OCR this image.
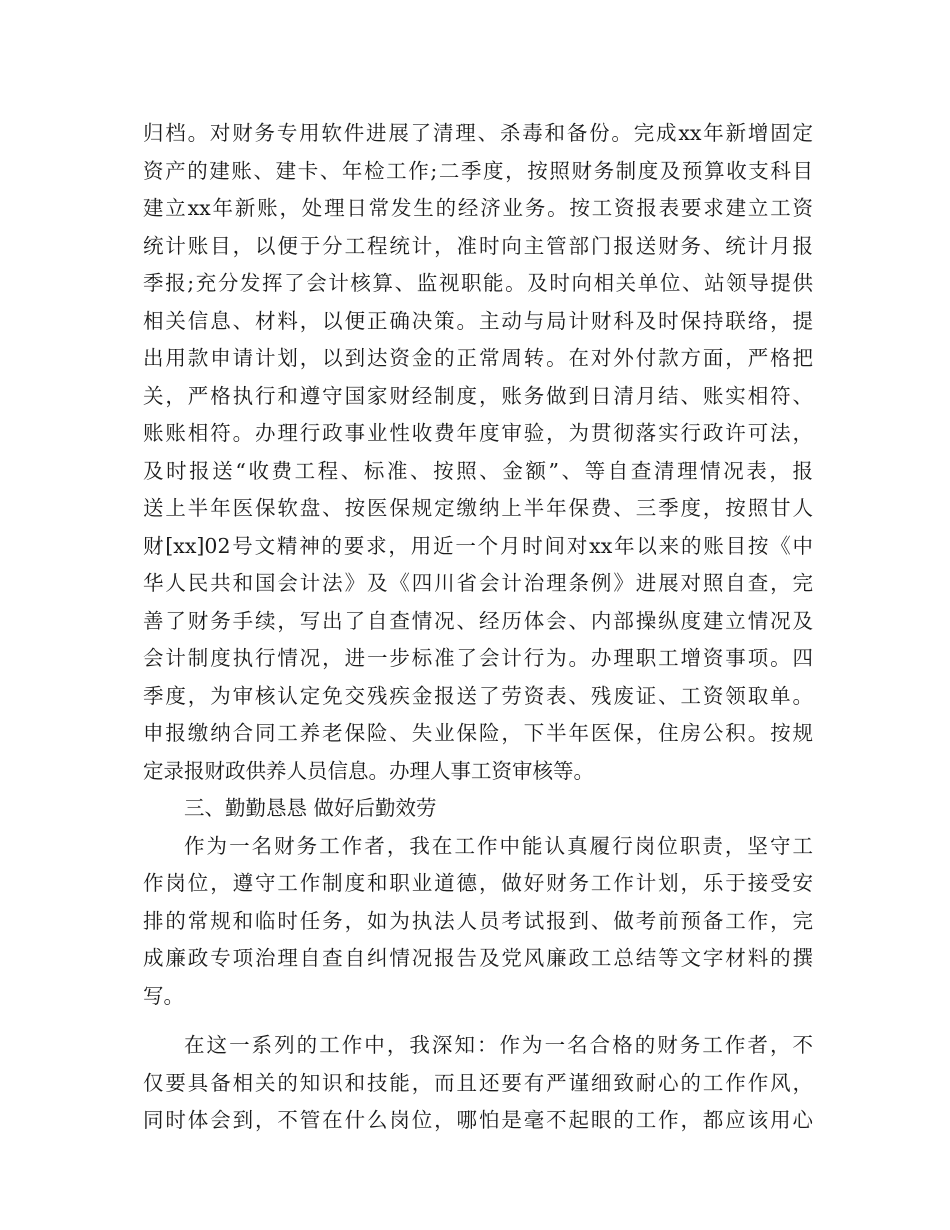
归档。对财务专用软件进展了清理、杀毒和备份。完成xx年新增固定
资产的建账、建卡、年检工作;二季度，按照财务制度及预算收支科目
建立xx年新账，处理日常发生的经济业务。按工资报表要求建立工资
统计账目，以便于分工程统计，准时向主管部门报送财务、统计月报
季报;充分发挥了会计核算、监视职能。及时向相关单位、站领导提供
相关信息、材料，以便正确决策。主动与局计财科及时保持联络，提
出用款申请计划，以到达资金的正常周转。在对外付款方面，严格把
关，严格执行和遵守国家财经制度，账务做到日清月结、账实相符、
账账相符。办理行政事业性收费年度审验，为贯彻落实行政许可法，
及时报送“收费工程、标准、按照、金额”、等自查清理情况表，报
送上半年医保软盘、按医保规定缴纳上半年保费、三季度，按照甘人
财[xx]02号文精神的要求，用近一个月时间对xx年以来的账目按《中
华人民共和国会计法》及《四川省会计治理条例》进展对照自查，完
善了财务手续，写出了自查情况、经历体会、内部操纵度建立情况及
会计制度执行情况，进一步标准了会计行为。办理职工增资事项。四
季度，为审核认定免交残疾金报送了劳资表、残废证、工资领取单。
申报缴纳合同工养老保险、失业保险，下半年医保，住房公积。按规
定录报财政供养人员信息。办理人事工资审核等。
三、勤勤恳恳 做好后勤效劳
作为一名财务工作者，我在工作中能认真履行岗位职责，坚守工
作岗位，遵守工作制度和职业道德，做好财务工作计划，乐于接受安
排的常规和临时任务，如为执法人员考试报到、做考前预备工作，完
成廉政专项治理自查自纠情况报告及党风廉政工总结等文字材料的撰
写。
在这一系列的工作中，我深知：作为一名合格的财务工作者，不
仅要具备相关的知识和技能，而且还要有严谨细致耐心的工作作风，
同时体会到，不管在什么岗位，哪怕是毫不起眼的工作，都应该用心
